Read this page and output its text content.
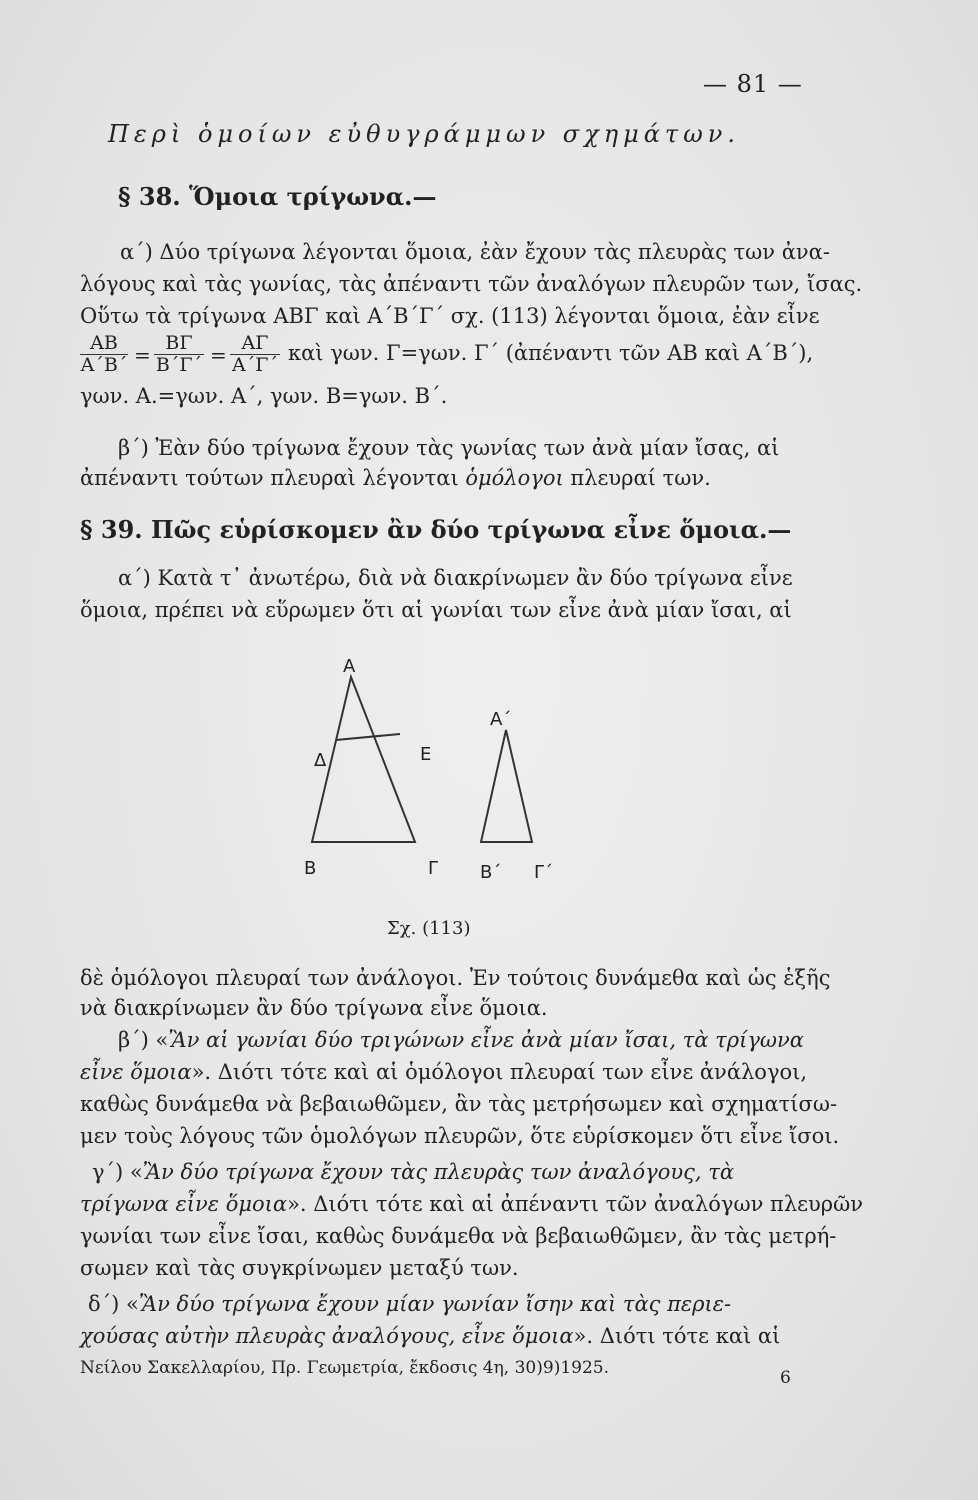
— 81 —
Περὶ ὁμοίων εὐθυγράμμων σχημάτων.
§ 38. Ὅμοια τρίγωνα.—
α΄) Δύο τρίγωνα λέγονται ὅμοια, ἐὰν ἔχουν τὰς πλευρὰς των ἀνα-
λόγους καὶ τὰς γωνίας, τὰς ἀπέναντι τῶν ἀναλόγων πλευρῶν των, ἴσας.
Οὕτω τὰ τρίγωνα ΑΒΓ καὶ Α΄Β΄Γ΄ σχ. (113) λέγονται ὅμοια, ἐὰν εἶνε
$\frac{AB}{A΄B΄} = \frac{B\Gamma}{B΄\Gamma΄} = \frac{A\Gamma}{A΄\Gamma΄}$ καὶ γων. Γ=γων. Γ΄ (ἀπέναντι τῶν ΑΒ καὶ Α΄Β΄),
γων. Α.=γων. Α΄, γων. Β=γων. Β΄.
β΄) Ἐὰν δύο τρίγωνα ἔχουν τὰς γωνίας των ἀνὰ μίαν ἴσας, αἱ
ἀπέναντι τούτων πλευραὶ λέγονται ὁμόλογοι πλευραί των.
§ 39. Πῶς εὑρίσκομεν ἂν δύο τρίγωνα εἶνε ὅμοια.—
α΄) Κατὰ τ᾽ ἀνωτέρω, διὰ νὰ διακρίνωμεν ἂν δύο τρίγωνα εἶνε
ὅμοια, πρέπει νὰ εὕρωμεν ὅτι αἱ γωνίαι των εἶνε ἀνὰ μίαν ἴσαι, αἱ
Α
Δ	Ε
Β	Γ
Α΄
Β΄ Γ΄
Σχ. (113)
δὲ ὁμόλογοι πλευραί των ἀνάλογοι. Ἐν τούτοις δυνάμεθα καὶ ὡς ἑξῆς
νὰ διακρίνωμεν ἂν δύο τρίγωνα εἶνε ὅμοια.
β΄) «Ἂν αἱ γωνίαι δύο τριγώνων εἶνε ἀνὰ μίαν ἴσαι, τὰ τρίγωνα
εἶνε ὅμοια». Διότι τότε καὶ αἱ ὁμόλογοι πλευραί των εἶνε ἀνάλογοι,
καθὼς δυνάμεθα νὰ βεβαιωθῶμεν, ἂν τὰς μετρήσωμεν καὶ σχηματίσω-
μεν τοὺς λόγους τῶν ὁμολόγων πλευρῶν, ὅτε εὑρίσκομεν ὅτι εἶνε ἴσοι.
γ΄) «Ἂν δύο τρίγωνα ἔχουν τὰς πλευρὰς των ἀναλόγους, τὰ
τρίγωνα εἶνε ὅμοια». Διότι τότε καὶ αἱ ἀπέναντι τῶν ἀναλόγων πλευρῶν
γωνίαι των εἶνε ἴσαι, καθὼς δυνάμεθα νὰ βεβαιωθῶμεν, ἂν τὰς μετρή-
σωμεν καὶ τὰς συγκρίνωμεν μεταξύ των.
δ΄) «Ἂν δύο τρίγωνα ἔχουν μίαν γωνίαν ἴσην καὶ τὰς περιε-
χούσας αὐτὴν πλευρὰς ἀναλόγους, εἶνε ὅμοια». Διότι τότε καὶ αἱ
Νείλου Σακελλαρίου, Πρ. Γεωμετρία, ἔκδοσις 4η, 30)9)1925.	6
